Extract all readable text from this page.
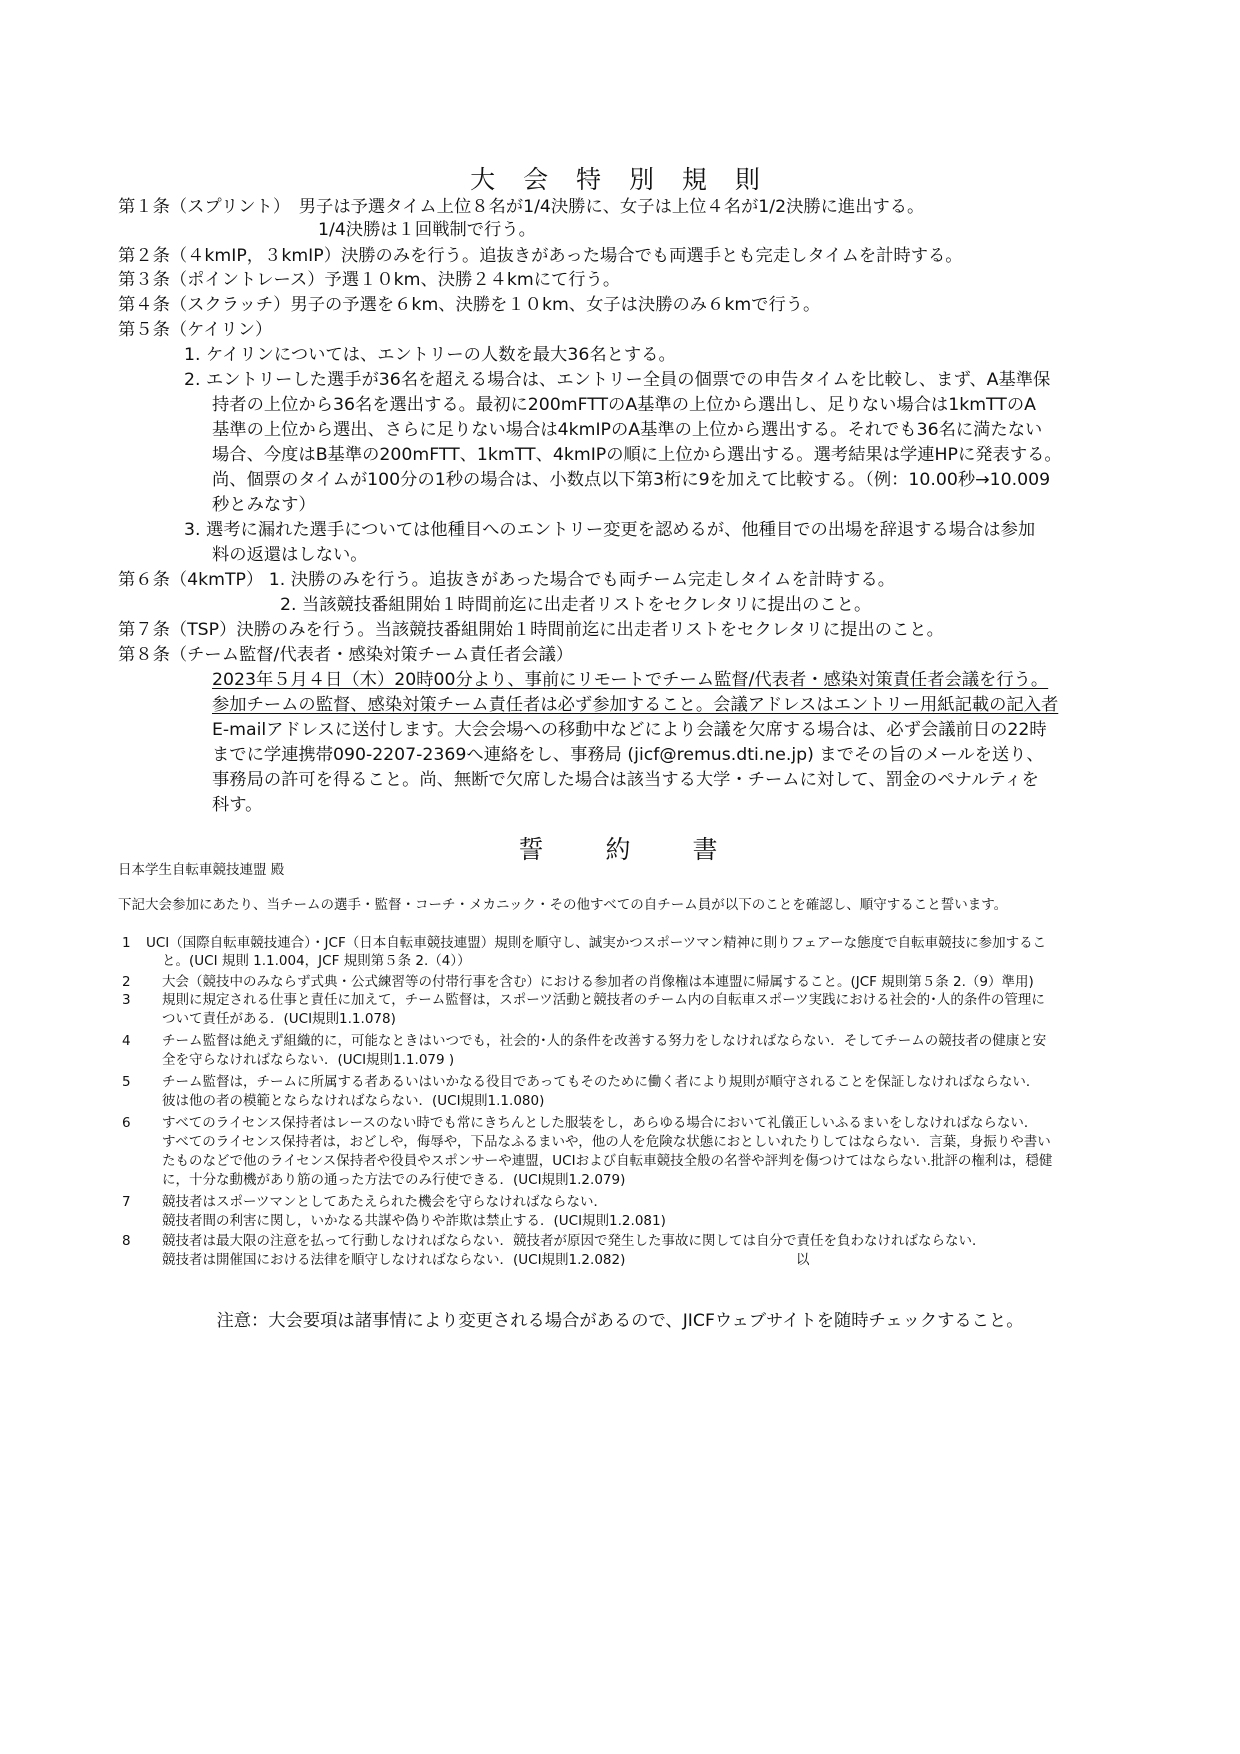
大 会 特 別 規 則
第１条（スプリント）　男子は予選タイム上位８名が1/4決勝に、女子は上位４名が1/2決勝に進出する。
1/4決勝は１回戦制で行う。
第２条（４kmIP，３kmIP）決勝のみを行う。追抜きがあった場合でも両選手とも完走しタイムを計時する。
第３条（ポイントレース）予選１０km、決勝２４kmにて行う。
第４条（スクラッチ）男子の予選を６km、決勝を１０km、女子は決勝のみ６kmで行う。
第５条（ケイリン）
1. ケイリンについては、エントリーの人数を最大36名とする。
2. エントリーした選手が36名を超える場合は、エントリー全員の個票での申告タイムを比較し、まず、A基準保
持者の上位から36名を選出する。最初に200mFTTのA基準の上位から選出し、足りない場合は1kmTTのA
基準の上位から選出、さらに足りない場合は4kmIPのA基準の上位から選出する。それでも36名に満たない
場合、今度はB基準の200mFTT、1kmTT、4kmIPの順に上位から選出する。選考結果は学連HPに発表する。
尚、個票のタイムが100分の1秒の場合は、小数点以下第3桁に9を加えて比較する。（例：10.00秒→10.009
秒とみなす）
3. 選考に漏れた選手については他種目へのエントリー変更を認めるが、他種目での出場を辞退する場合は参加
料の返還はしない。
第６条（4kmTP） 1. 決勝のみを行う。追抜きがあった場合でも両チーム完走しタイムを計時する。
2. 当該競技番組開始１時間前迄に出走者リストをセクレタリに提出のこと。
第７条（TSP）決勝のみを行う。当該競技番組開始１時間前迄に出走者リストをセクレタリに提出のこと。
第８条（チーム監督/代表者・感染対策チーム責任者会議）
2023年５月４日（木）20時00分より、事前にリモートでチーム監督/代表者・感染対策責任者会議を行う。
参加チームの監督、感染対策チーム責任者は必ず参加すること。会議アドレスはエントリー用紙記載の記入者
E-mailアドレスに送付します。大会会場への移動中などにより会議を欠席する場合は、必ず会議前日の22時
までに学連携帯090-2207-2369へ連絡をし、事務局 (jicf@remus.dti.ne.jp) までその旨のメールを送り、
事務局の許可を得ること。尚、無断で欠席した場合は該当する大学・チームに対して、罰金のペナルティを
科す。
誓　　約　　書
日本学生自転車競技連盟 殿
下記大会参加にあたり、当チームの選手・監督・コーチ・メカニック・その他すべての自チーム員が以下のことを確認し、順守すること誓います。
1 UCI（国際自転車競技連合）・JCF（日本自転車競技連盟）規則を順守し、誠実かつスポーツマン精神に則りフェアーな態度で自転車競技に参加するこ
と。(UCI 規則 1.1.004，JCF 規則第５条 2.（4））
2 大会（競技中のみならず式典・公式練習等の付帯行事を含む）における参加者の肖像権は本連盟に帰属すること。(JCF 規則第５条 2.（9）準用)
3 規則に規定される仕事と責任に加えて，チーム監督は，スポーツ活動と競技者のチーム内の自転車スポーツ実践における社会的･人的条件の管理に
ついて責任がある．(UCI規則1.1.078)
4 チーム監督は絶えず組織的に，可能なときはいつでも，社会的･人的条件を改善する努力をしなければならない．そしてチームの競技者の健康と安
全を守らなければならない．(UCI規則1.1.079 )
5 チーム監督は，チームに所属する者あるいはいかなる役目であってもそのために働く者により規則が順守されることを保証しなければならない．
彼は他の者の模範とならなければならない．(UCI規則1.1.080)
6 すべてのライセンス保持者はレースのない時でも常にきちんとした服装をし，あらゆる場合において礼儀正しいふるまいをしなければならない．
すべてのライセンス保持者は，おどしや，侮辱や，下品なふるまいや，他の人を危険な状態におとしいれたりしてはならない．言葉，身振りや書い
たものなどで他のライセンス保持者や役員やスポンサーや連盟，UCIおよび自転車競技全般の名誉や評判を傷つけてはならない.批評の権利は，穏健
に，十分な動機があり筋の通った方法でのみ行使できる．(UCI規則1.2.079)
7 競技者はスポーツマンとしてあたえられた機会を守らなければならない．
競技者間の利害に関し，いかなる共謀や偽りや詐欺は禁止する．(UCI規則1.2.081)
8 競技者は最大限の注意を払って行動しなければならない．競技者が原因で発生した事故に関しては自分で責任を負わなければならない．
競技者は開催国における法律を順守しなければならない．(UCI規則1.2.082)	以
注意：大会要項は諸事情により変更される場合があるので、JICFウェブサイトを随時チェックすること。
